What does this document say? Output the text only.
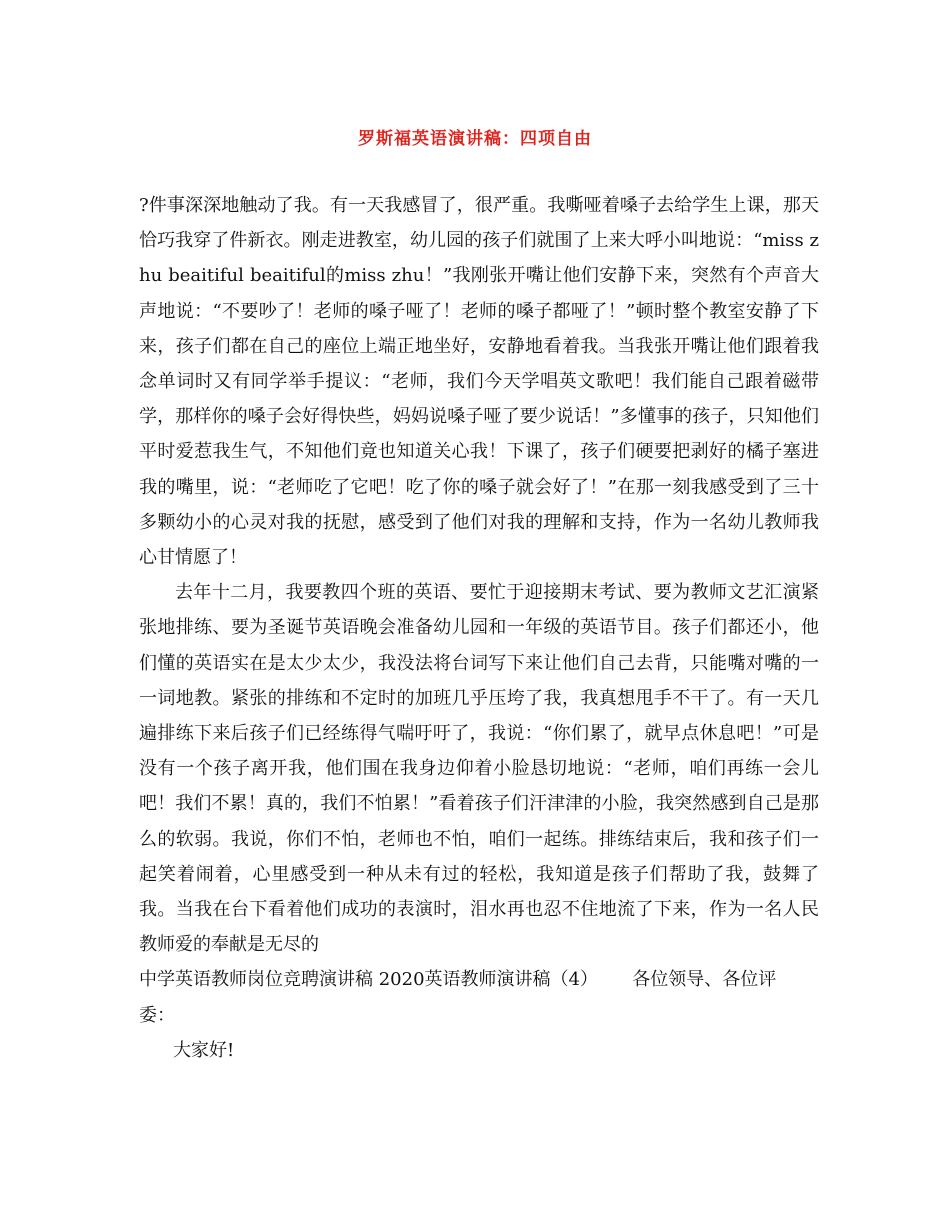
罗斯福英语演讲稿：四项自由

?件事深深地触动了我。有一天我感冒了，很严重。我嘶哑着嗓子去给学生上课，那天恰巧我穿了件新衣。刚走进教室，幼儿园的孩子们就围了上来大呼小叫地说：“miss zhu beaitiful beaitiful的miss zhu！”我刚张开嘴让他们安静下来，突然有个声音大声地说：“不要吵了！老师的嗓子哑了！老师的嗓子都哑了！”顿时整个教室安静了下来，孩子们都在自己的座位上端正地坐好，安静地看着我。当我张开嘴让他们跟着我念单词时又有同学举手提议：“老师，我们今天学唱英文歌吧！我们能自己跟着磁带学，那样你的嗓子会好得快些，妈妈说嗓子哑了要少说话！”多懂事的孩子，只知他们平时爱惹我生气，不知他们竟也知道关心我！下课了，孩子们硬要把剥好的橘子塞进我的嘴里，说：“老师吃了它吧！吃了你的嗓子就会好了！”在那一刻我感受到了三十多颗幼小的心灵对我的抚慰，感受到了他们对我的理解和支持，作为一名幼儿教师我心甘情愿了！

去年十二月，我要教四个班的英语、要忙于迎接期末考试、要为教师文艺汇演紧张地排练、要为圣诞节英语晚会准备幼儿园和一年级的英语节目。孩子们都还小，他们懂的英语实在是太少太少，我没法将台词写下来让他们自己去背，只能嘴对嘴的一一词地教。紧张的排练和不定时的加班几乎压垮了我，我真想甩手不干了。有一天几遍排练下来后孩子们已经练得气喘吁吁了，我说：“你们累了，就早点休息吧！”可是没有一个孩子离开我，他们围在我身边仰着小脸恳切地说：“老师，咱们再练一会儿吧！我们不累！真的，我们不怕累！”看着孩子们汗津津的小脸，我突然感到自己是那么的软弱。我说，你们不怕，老师也不怕，咱们一起练。排练结束后，我和孩子们一起笑着闹着，心里感受到一种从未有过的轻松，我知道是孩子们帮助了我，鼓舞了我。当我在台下看着他们成功的表演时，泪水再也忍不住地流了下来，作为一名人民教师爱的奉献是无尽的

中学英语教师岗位竞聘演讲稿 2020英语教师演讲稿（4）      各位领导、各位评

委：

大家好!
